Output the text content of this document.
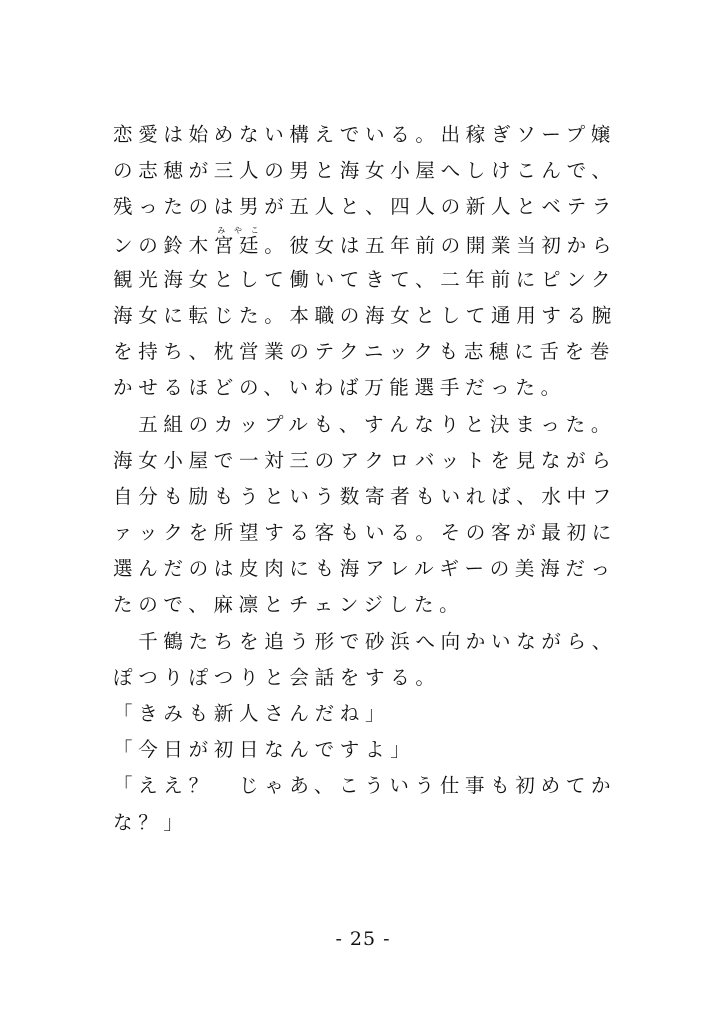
恋愛は始めない構えでいる。出稼ぎソープ嬢
の志穂が三人の男と海女小屋へしけこんで、
残ったのは男が五人と、四人の新人とベテラ
ンの鈴木宮廷みやこ。彼女は五年前の開業当初から
観光海女として働いてきて、二年前にピンク
海女に転じた。本職の海女として通用する腕
を持ち、枕営業のテクニックも志穂に舌を巻
かせるほどの、いわば万能選手だった。
　五組のカップルも、すんなりと決まった。
海女小屋で一対三のアクロバットを見ながら
自分も励もうという数寄者もいれば、水中フ
ァックを所望する客もいる。その客が最初に
選んだのは皮肉にも海アレルギーの美海だっ
たので、麻凛とチェンジした。
　千鶴たちを追う形で砂浜へ向かいながら、
ぽつりぽつりと会話をする。
「きみも新人さんだね」
「今日が初日なんですよ」
「ええ？　じゃあ、こういう仕事も初めてか
な？」
- 25 -
